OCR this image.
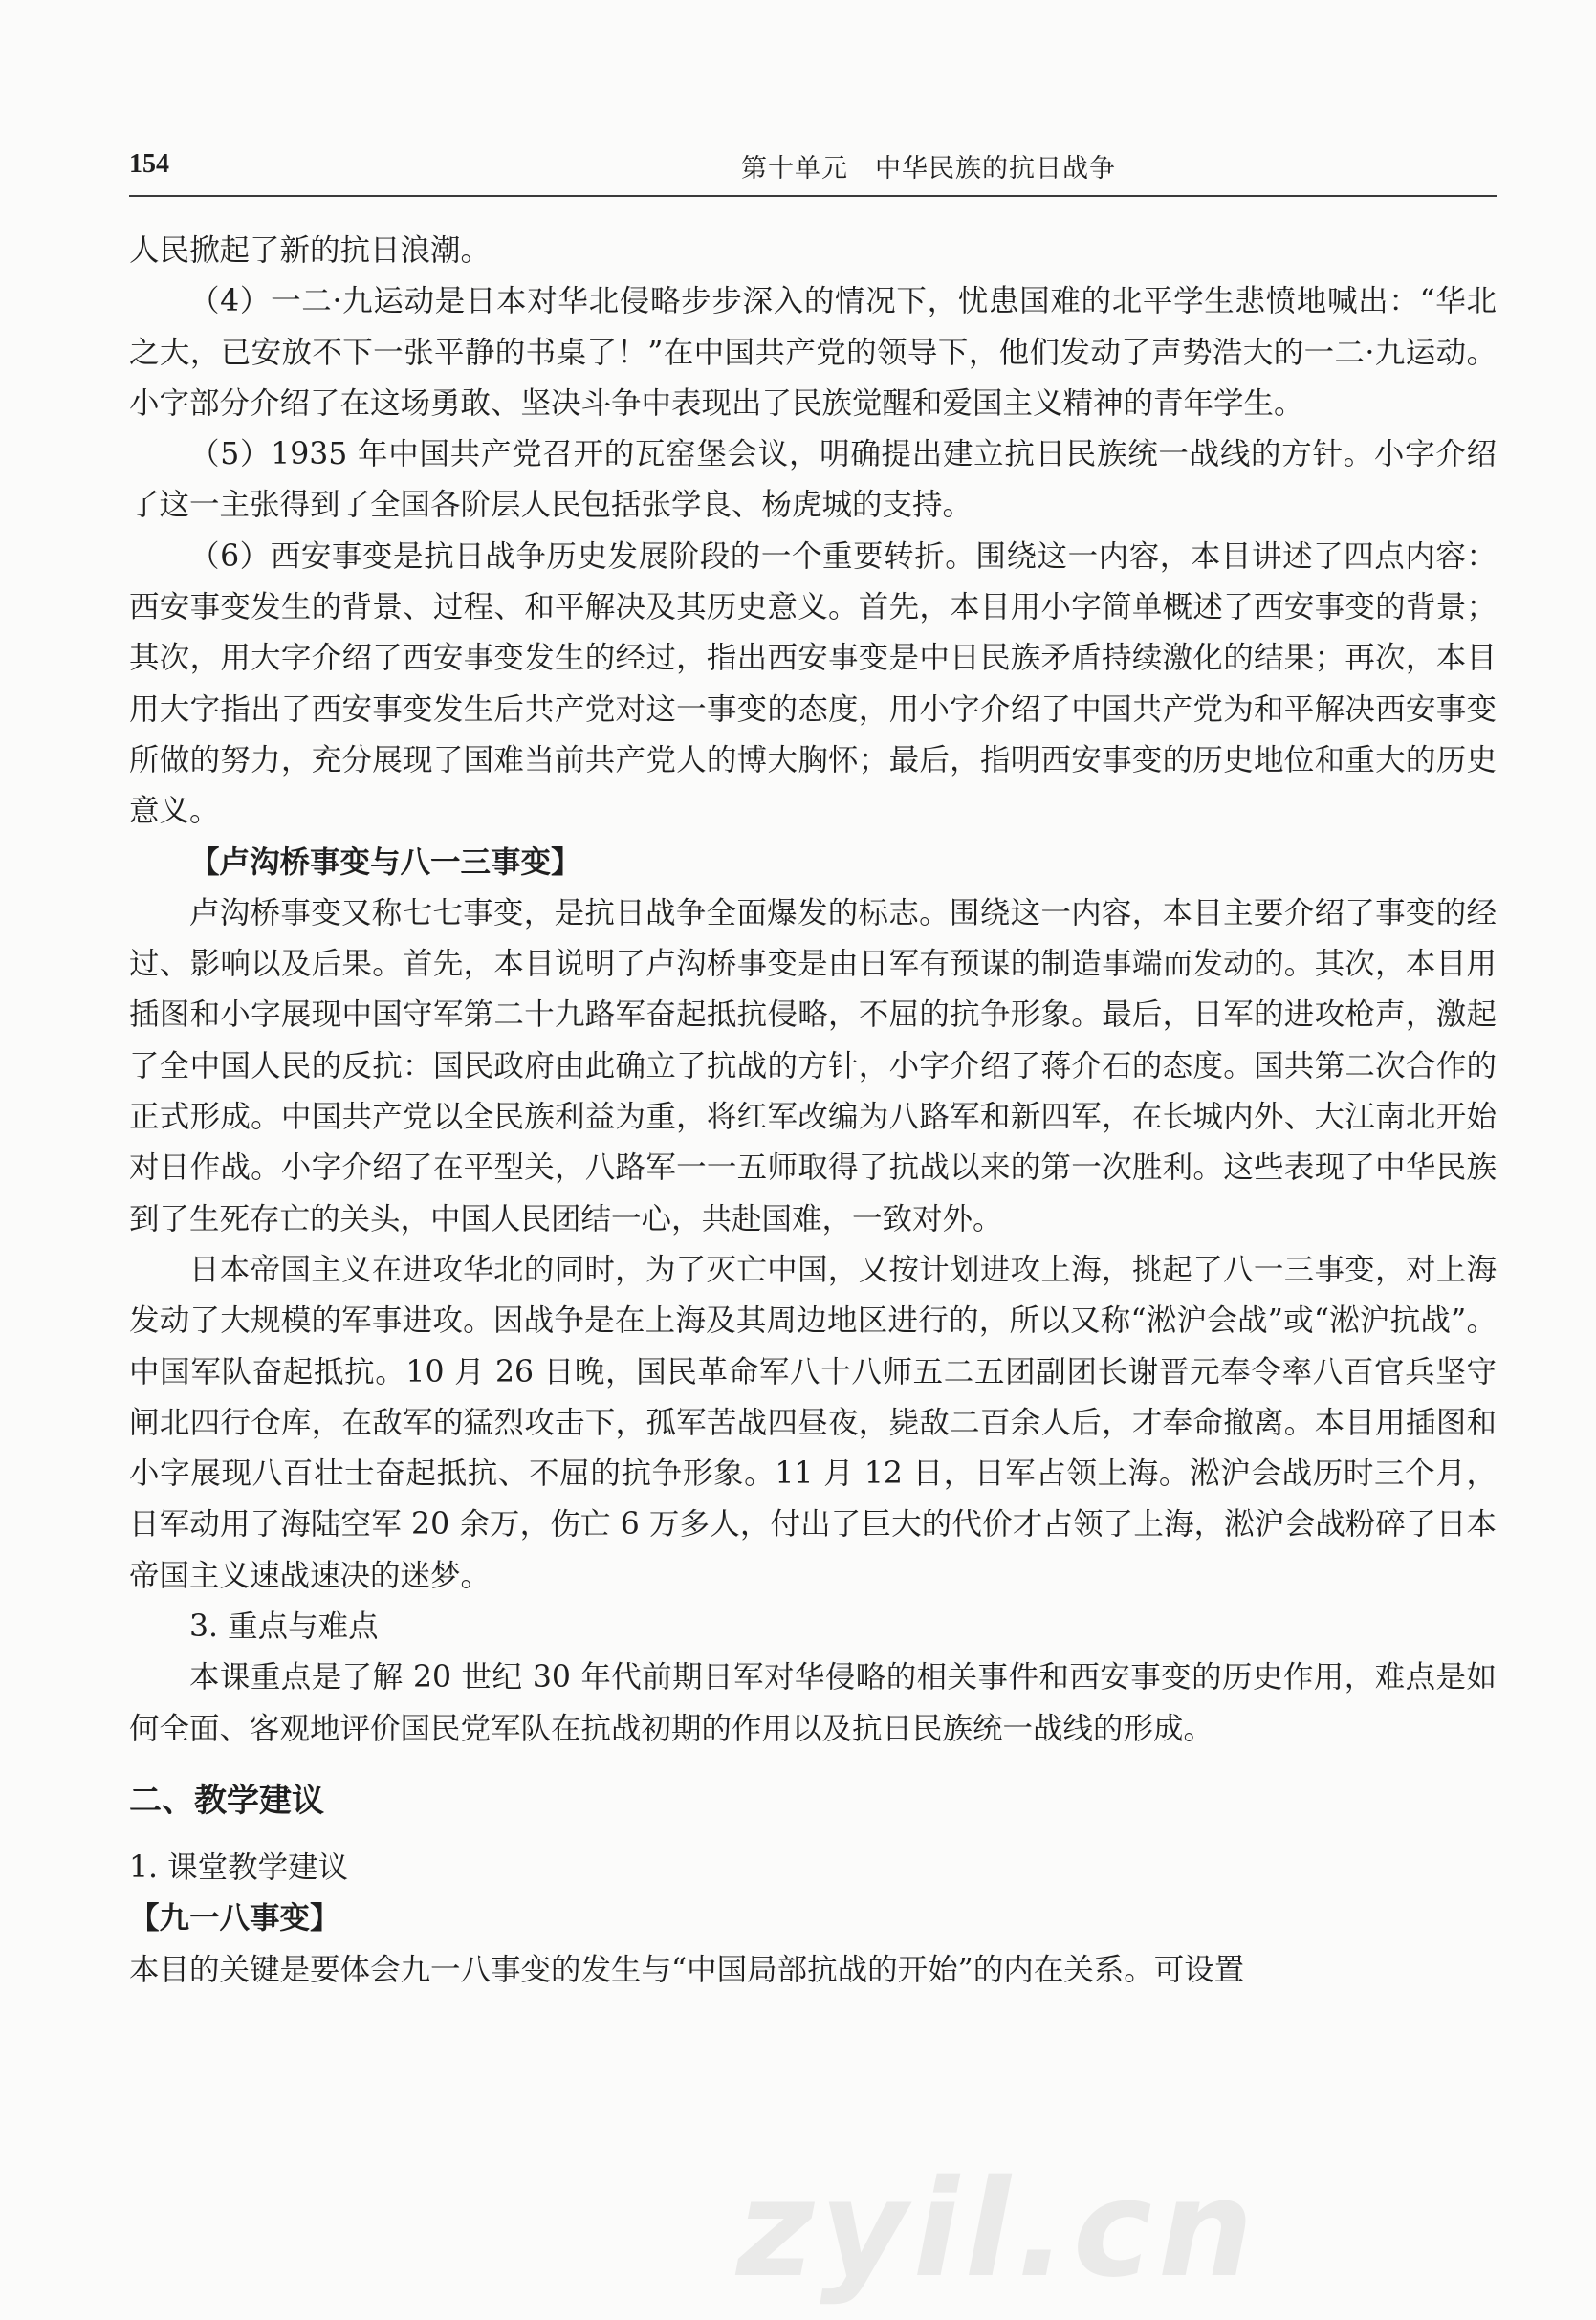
154	第十单元　中华民族的抗日战争

人民掀起了新的抗日浪潮。

（4）一二·九运动是日本对华北侵略步步深入的情况下，忧患国难的北平学生悲愤地喊出：“华北之大，已安放不下一张平静的书桌了！”在中国共产党的领导下，他们发动了声势浩大的一二·九运动。小字部分介绍了在这场勇敢、坚决斗争中表现出了民族觉醒和爱国主义精神的青年学生。

（5）1935 年中国共产党召开的瓦窑堡会议，明确提出建立抗日民族统一战线的方针。小字介绍了这一主张得到了全国各阶层人民包括张学良、杨虎城的支持。

（6）西安事变是抗日战争历史发展阶段的一个重要转折。围绕这一内容，本目讲述了四点内容：西安事变发生的背景、过程、和平解决及其历史意义。首先，本目用小字简单概述了西安事变的背景；其次，用大字介绍了西安事变发生的经过，指出西安事变是中日民族矛盾持续激化的结果；再次，本目用大字指出了西安事变发生后共产党对这一事变的态度，用小字介绍了中国共产党为和平解决西安事变所做的努力，充分展现了国难当前共产党人的博大胸怀；最后，指明西安事变的历史地位和重大的历史意义。

【卢沟桥事变与八一三事变】

卢沟桥事变又称七七事变，是抗日战争全面爆发的标志。围绕这一内容，本目主要介绍了事变的经过、影响以及后果。首先，本目说明了卢沟桥事变是由日军有预谋的制造事端而发动的。其次，本目用插图和小字展现中国守军第二十九路军奋起抵抗侵略，不屈的抗争形象。最后，日军的进攻枪声，激起了全中国人民的反抗：国民政府由此确立了抗战的方针，小字介绍了蒋介石的态度。国共第二次合作的正式形成。中国共产党以全民族利益为重，将红军改编为八路军和新四军，在长城内外、大江南北开始对日作战。小字介绍了在平型关，八路军一一五师取得了抗战以来的第一次胜利。这些表现了中华民族到了生死存亡的关头，中国人民团结一心，共赴国难，一致对外。

日本帝国主义在进攻华北的同时，为了灭亡中国，又按计划进攻上海，挑起了八一三事变，对上海发动了大规模的军事进攻。因战争是在上海及其周边地区进行的，所以又称“淞沪会战”或“淞沪抗战”。中国军队奋起抵抗。10 月 26 日晚，国民革命军八十八师五二五团副团长谢晋元奉令率八百官兵坚守闸北四行仓库，在敌军的猛烈攻击下，孤军苦战四昼夜，毙敌二百余人后，才奉命撤离。本目用插图和小字展现八百壮士奋起抵抗、不屈的抗争形象。11 月 12 日，日军占领上海。淞沪会战历时三个月，日军动用了海陆空军 20 余万，伤亡 6 万多人，付出了巨大的代价才占领了上海，淞沪会战粉碎了日本帝国主义速战速决的迷梦。

3. 重点与难点

本课重点是了解 20 世纪 30 年代前期日军对华侵略的相关事件和西安事变的历史作用，难点是如何全面、客观地评价国民党军队在抗战初期的作用以及抗日民族统一战线的形成。

二、教学建议

1. 课堂教学建议

【九一八事变】

本目的关键是要体会九一八事变的发生与“中国局部抗战的开始”的内在关系。可设置

zyil.cn
